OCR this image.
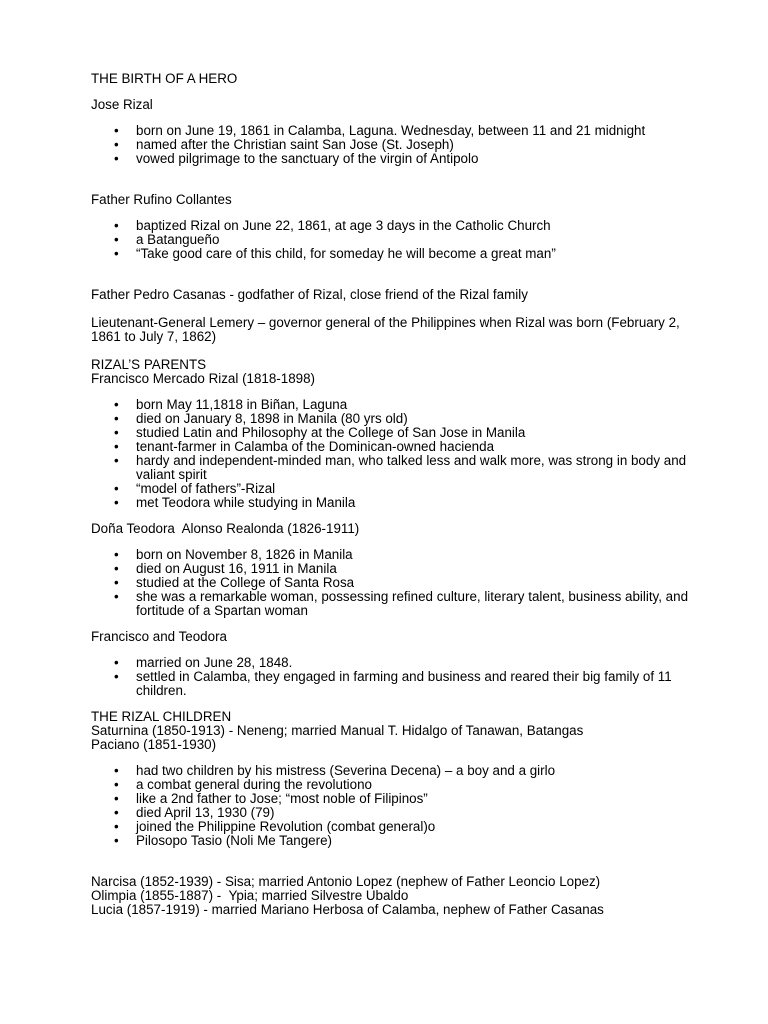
THE BIRTH OF A HERO

Jose Rizal

• born on June 19, 1861 in Calamba, Laguna. Wednesday, between 11 and 21 midnight
• named after the Christian saint San Jose (St. Joseph)
• vowed pilgrimage to the sanctuary of the virgin of Antipolo

Father Rufino Collantes

• baptized Rizal on June 22, 1861, at age 3 days in the Catholic Church
• a Batangueño
• “Take good care of this child, for someday he will become a great man”

Father Pedro Casanas - godfather of Rizal, close friend of the Rizal family

Lieutenant-General Lemery – governor general of the Philippines when Rizal was born (February 2, 1861 to July 7, 1862)

RIZAL’S PARENTS

Francisco Mercado Rizal (1818-1898)

• born May 11,1818 in Biñan, Laguna
• died on January 8, 1898 in Manila (80 yrs old)
• studied Latin and Philosophy at the College of San Jose in Manila
• tenant-farmer in Calamba of the Dominican-owned hacienda
• hardy and independent-minded man, who talked less and walk more, was strong in body and valiant spirit
• “model of fathers”-Rizal
• met Teodora while studying in Manila

Doña Teodora  Alonso Realonda (1826-1911)

• born on November 8, 1826 in Manila
• died on August 16, 1911 in Manila
• studied at the College of Santa Rosa
• she was a remarkable woman, possessing refined culture, literary talent, business ability, and fortitude of a Spartan woman

Francisco and Teodora

• married on June 28, 1848.
• settled in Calamba, they engaged in farming and business and reared their big family of 11 children.

THE RIZAL CHILDREN

Saturnina (1850-1913) - Neneng; married Manual T. Hidalgo of Tanawan, Batangas

Paciano (1851-1930)

• had two children by his mistress (Severina Decena) – a boy and a girlo
• a combat general during the revolutiono
• like a 2nd father to Jose; “most noble of Filipinos”
• died April 13, 1930 (79)
• joined the Philippine Revolution (combat general)o
• Pilosopo Tasio (Noli Me Tangere)

Narcisa (1852-1939) - Sisa; married Antonio Lopez (nephew of Father Leoncio Lopez)

Olimpia (1855-1887) -  Ypia; married Silvestre Ubaldo

Lucia (1857-1919) - married Mariano Herbosa of Calamba, nephew of Father Casanas
